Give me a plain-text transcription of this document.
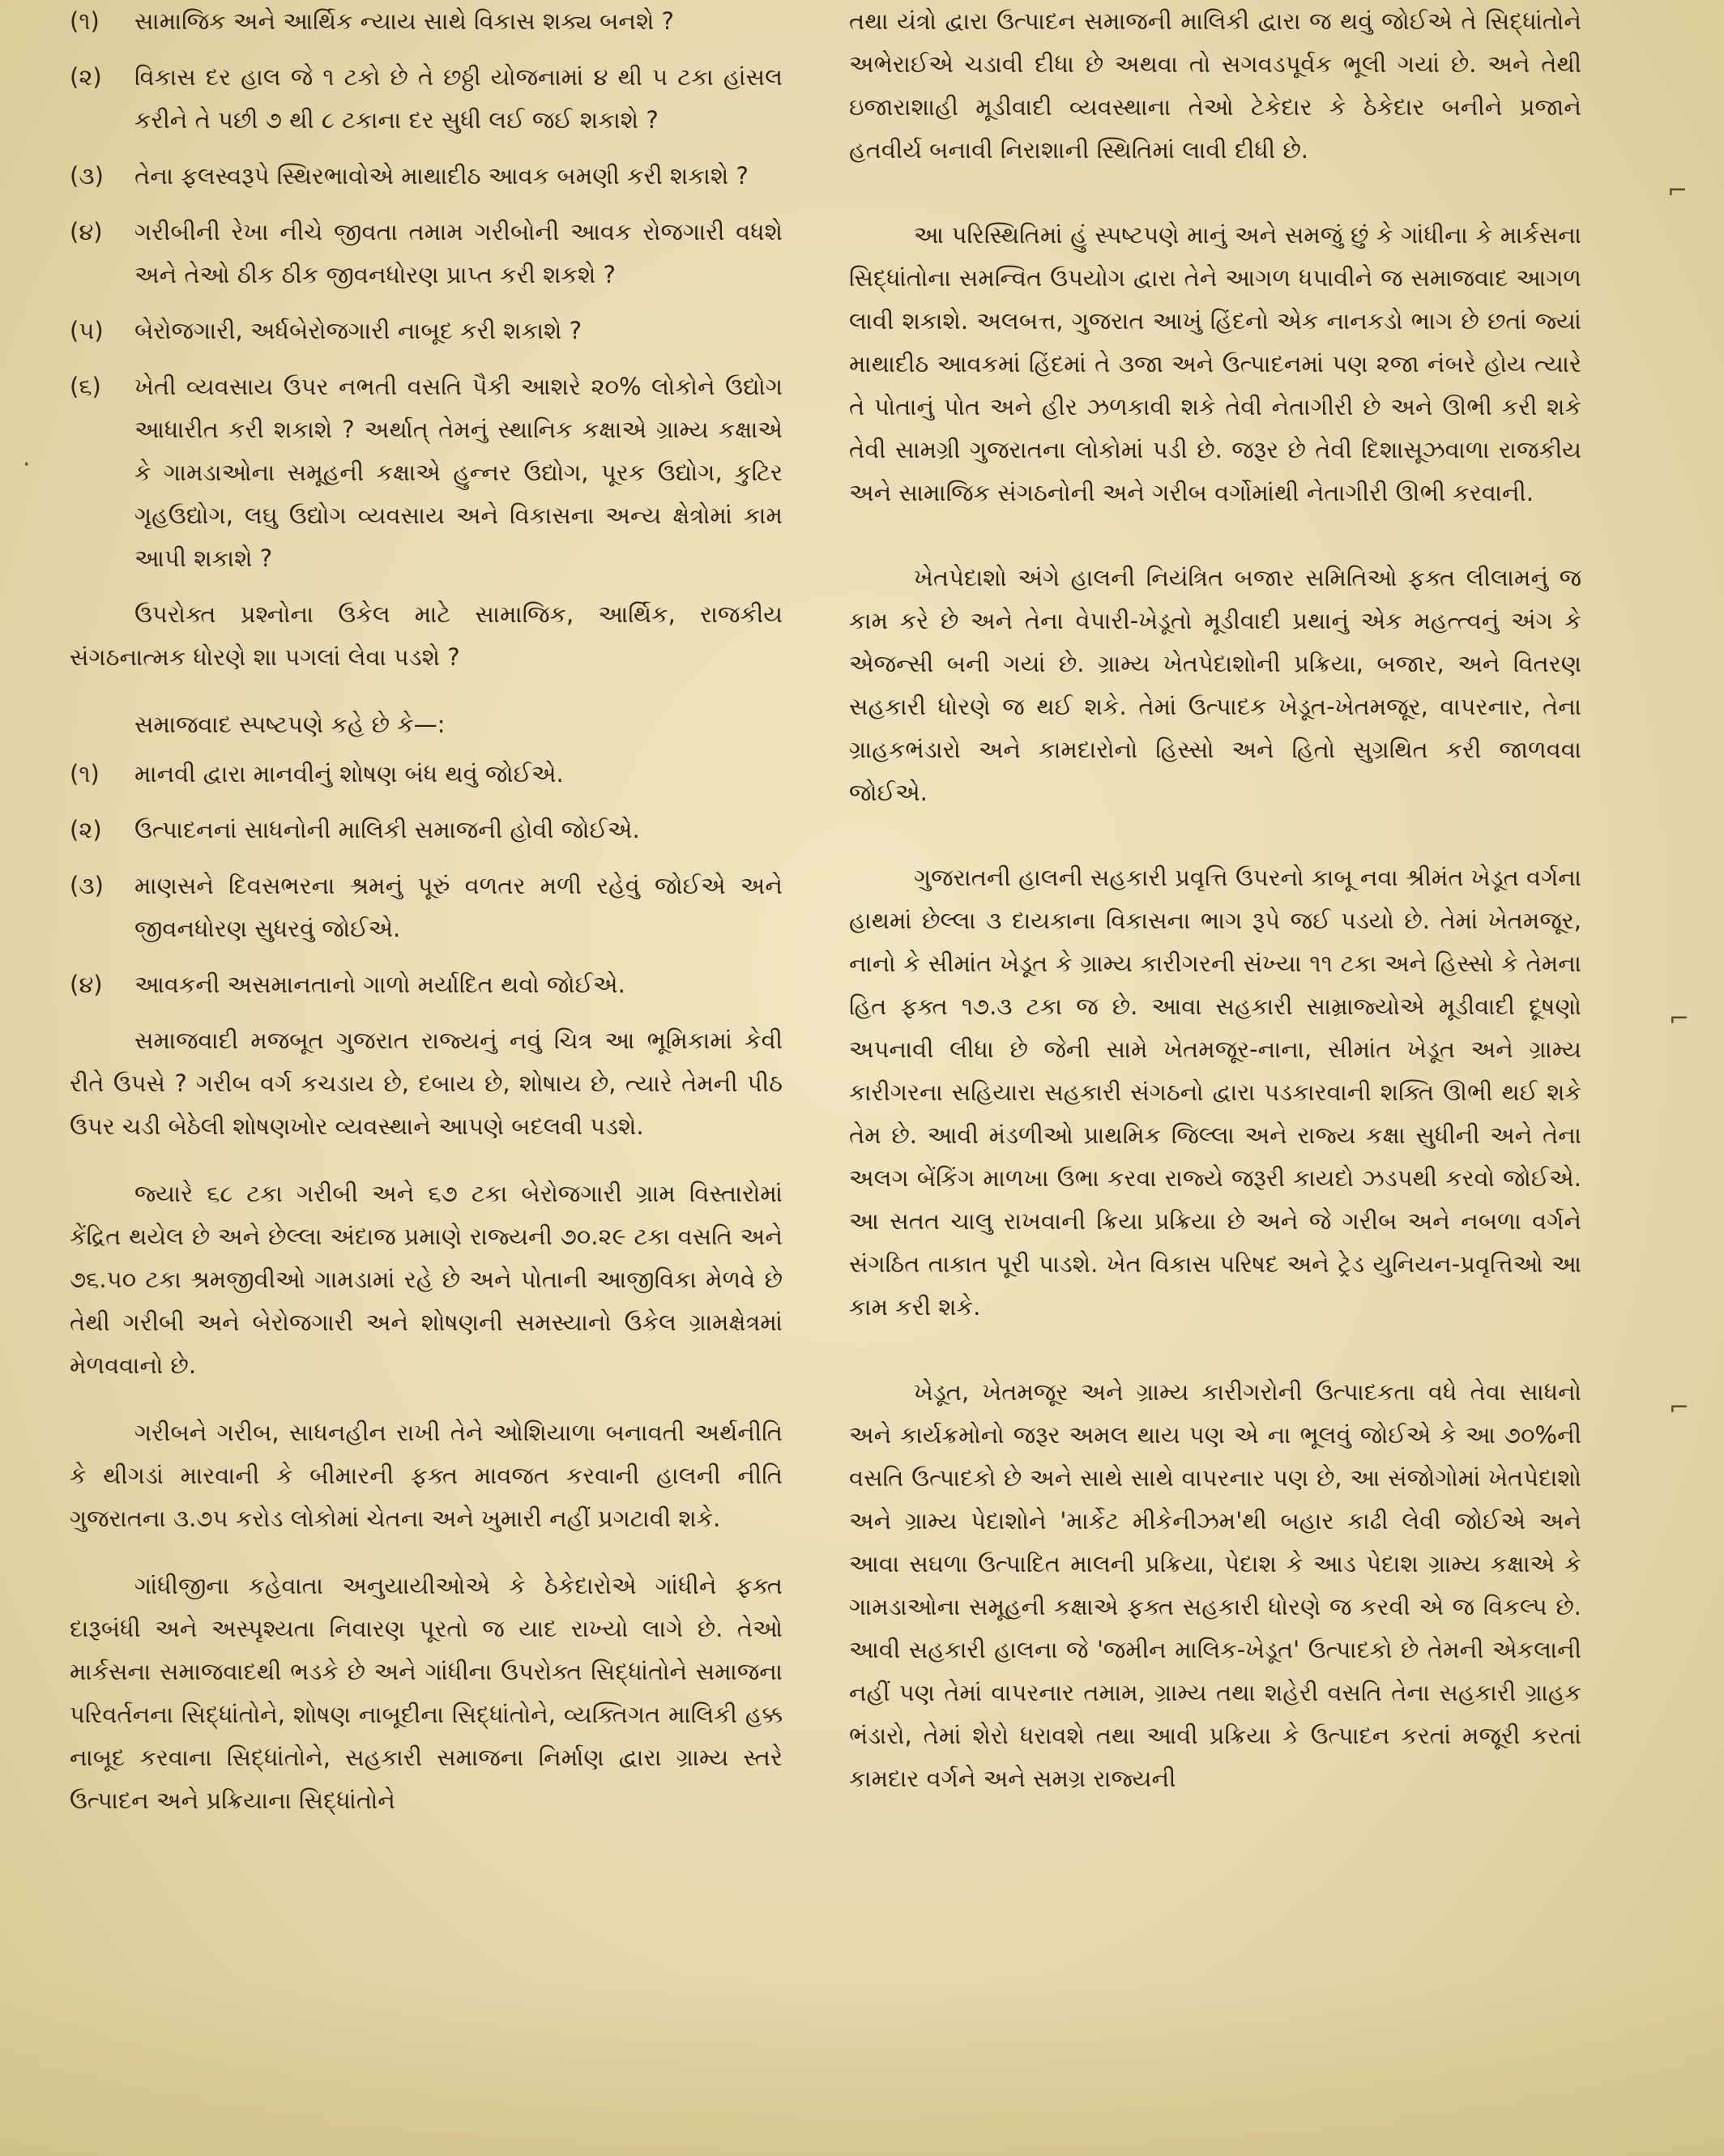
(૧)	સામાજિક અને આર્થિક ન્યાય સાથે વિકાસ શક્ય બનશે ?
(૨)	વિકાસ દર હાલ જે ૧ ટકો છે તે છઠ્ઠી યોજનામાં ૪ થી ૫ ટકા હાંસલ કરીને તે પછી ૭ થી ૮ ટકાના દર સુધી લઈ જઈ શકાશે ?
(૩)	તેના ફલસ્વરૂપે સ્થિરભાવોએ માથાદીઠ આવક બમણી કરી શકાશે ?
(૪)	ગરીબીની રેખા નીચે જીવતા તમામ ગરીબોની આવક રોજગારી વધશે અને તેઓ ઠીક ઠીક જીવનધોરણ પ્રાપ્ત કરી શકશે ?
(૫)	બેરોજગારી, અર્ધબેરોજગારી નાબૂદ કરી શકાશે ?
(૬)	ખેતી વ્યવસાય ઉપર નભતી વસતિ પૈકી આશરે ૨૦% લોકોને ઉદ્યોગ આધારીત કરી શકાશે ? અર્થાત્ તેમનું સ્થાનિક કક્ષાએ ગ્રામ્ય કક્ષાએ કે ગામડાઓના સમૂહની કક્ષાએ હુન્નર ઉદ્યોગ, પૂરક ઉદ્યોગ, કુટિર ગૃહઉદ્યોગ, લઘુ ઉદ્યોગ વ્યવસાય અને વિકાસના અન્ય ક્ષેત્રોમાં કામ આપી શકાશે ?

ઉપરોક્ત પ્રશ્નોના ઉકેલ માટે સામાજિક, આર્થિક, રાજકીય સંગઠનાત્મક ધોરણે શા પગલાં લેવા પડશે ?

સમાજવાદ સ્પષ્ટપણે કહે છે કે—:

(૧)	માનવી દ્વારા માનવીનું શોષણ બંધ થવું જોઈએ.
(૨)	ઉત્પાદનનાં સાધનોની માલિકી સમાજની હોવી જોઈએ.
(૩)	માણસને દિવસભરના શ્રમનું પૂરું વળતર મળી રહેવું જોઈએ અને જીવનધોરણ સુધરવું જોઈએ.
(૪)	આવકની અસમાનતાનો ગાળો મર્યાદિત થવો જોઈએ.

સમાજવાદી મજબૂત ગુજરાત રાજ્યનું નવું ચિત્ર આ ભૂમિકામાં કેવી રીતે ઉપસે ? ગરીબ વર્ગ કચડાય છે, દબાય છે, શોષાય છે, ત્યારે તેમની પીઠ ઉપર ચડી બેઠેલી શોષણખોર વ્યવસ્થાને આપણે બદલવી પડશે.

જ્યારે ૬૮ ટકા ગરીબી અને ૬૭ ટકા બેરોજગારી ગ્રામ વિસ્તારોમાં કેંદ્રિત થયેલ છે અને છેલ્લા અંદાજ પ્રમાણે રાજ્યની ૭૦.૨૯ ટકા વસતિ અને ૭૬.૫૦ ટકા શ્રમજીવીઓ ગામડામાં રહે છે અને પોતાની આજીવિકા મેળવે છે તેથી ગરીબી અને બેરોજગારી અને શોષણની સમસ્યાનો ઉકેલ ગ્રામક્ષેત્રમાં મેળવવાનો છે.

ગરીબને ગરીબ, સાધનહીન રાખી તેને ઓશિયાળા બનાવતી અર્થનીતિ કે થીગડાં મારવાની કે બીમારની ફક્ત માવજત કરવાની હાલની નીતિ ગુજરાતના ૩.૭૫ કરોડ લોકોમાં ચેતના અને ખુમારી નહીં પ્રગટાવી શકે.

ગાંધીજીના કહેવાતા અનુયાયીઓએ કે ઠેકેદારોએ ગાંધીને ફક્ત દારૂબંધી અને અસ્પૃશ્યતા નિવારણ પૂરતો જ યાદ રાખ્યો લાગે છે. તેઓ માર્કસના સમાજવાદથી ભડકે છે અને ગાંધીના ઉપરોક્ત સિદ્ધાંતોને સમાજના પરિવર્તનના સિદ્ધાંતોને, શોષણ નાબૂદીના સિદ્ધાંતોને, વ્યક્તિગત માલિકી હક્ક નાબૂદ કરવાના સિદ્ધાંતોને, સહકારી સમાજના નિર્માણ દ્વારા ગ્રામ્ય સ્તરે ઉત્પાદન અને પ્રક્રિયાના સિદ્ધાંતોને

તથા યંત્રો દ્વારા ઉત્પાદન સમાજની માલિકી દ્વારા જ થવું જોઈએ તે સિદ્ધાંતોને અભેરાઈએ ચડાવી દીધા છે અથવા તો સગવડપૂર્વક ભૂલી ગયાં છે. અને તેથી ઇજારાશાહી મૂડીવાદી વ્યવસ્થાના તેઓ ટેકેદાર કે ઠેકેદાર બનીને પ્રજાને હતવીર્ય બનાવી નિરાશાની સ્થિતિમાં લાવી દીધી છે.

આ પરિસ્થિતિમાં હું સ્પષ્ટપણે માનું અને સમજું છું કે ગાંધીના કે માર્કસના સિદ્ધાંતોના સમન્વિત ઉપયોગ દ્વારા તેને આગળ ધપાવીને જ સમાજવાદ આગળ લાવી શકાશે. અલબત્ત, ગુજરાત આખું હિંદનો એક નાનકડો ભાગ છે છતાં જ્યાં માથાદીઠ આવકમાં હિંદમાં તે ૩જા અને ઉત્પાદનમાં પણ ૨જા નંબરે હોય ત્યારે તે પોતાનું પોત અને હીર ઝળકાવી શકે તેવી નેતાગીરી છે અને ઊભી કરી શકે તેવી સામગ્રી ગુજરાતના લોકોમાં પડી છે. જરૂર છે તેવી દિશાસૂઝવાળા રાજકીય અને સામાજિક સંગઠનોની અને ગરીબ વર્ગોમાંથી નેતાગીરી ઊભી કરવાની.

ખેતપેદાશો અંગે હાલની નિયંત્રિત બજાર સમિતિઓ ફક્ત લીલામનું જ કામ કરે છે અને તેના વેપારી-ખેડૂતો મૂડીવાદી પ્રથાનું એક મહત્ત્વનું અંગ કે એજન્સી બની ગયાં છે. ગ્રામ્ય ખેતપેદાશોની પ્રક્રિયા, બજાર, અને વિતરણ સહકારી ધોરણે જ થઈ શકે. તેમાં ઉત્પાદક ખેડૂત-ખેતમજૂર, વાપરનાર, તેના ગ્રાહકભંડારો અને કામદારોનો હિસ્સો અને હિતો સુગ્રથિત કરી જાળવવા જોઈએ.

ગુજરાતની હાલની સહકારી પ્રવૃત્તિ ઉપરનો કાબૂ નવા શ્રીમંત ખેડૂત વર્ગના હાથમાં છેલ્લા ૩ દાયકાના વિકાસના ભાગ રૂપે જઈ પડયો છે. તેમાં ખેતમજૂર, નાનો કે સીમાંત ખેડૂત કે ગ્રામ્ય કારીગરની સંખ્યા ૧૧ ટકા અને હિસ્સો કે તેમના હિત ફક્ત ૧૭.૩ ટકા જ છે. આવા સહકારી સામ્રાજ્યોએ મૂડીવાદી દૂષણો અપનાવી લીધા છે જેની સામે ખેતમજૂર-નાના, સીમાંત ખેડૂત અને ગ્રામ્ય કારીગરના સહિયારા સહકારી સંગઠનો દ્વારા પડકારવાની શક્તિ ઊભી થઈ શકે તેમ છે. આવી મંડળીઓ પ્રાથમિક જિલ્લા અને રાજ્ય કક્ષા સુધીની અને તેના અલગ બેંકિંગ માળખા ઉભા કરવા રાજ્યે જરૂરી કાયદો ઝડપથી કરવો જોઈએ. આ સતત ચાલુ રાખવાની ક્રિયા પ્રક્રિયા છે અને જે ગરીબ અને નબળા વર્ગને સંગઠિત તાકાત પૂરી પાડશે. ખેત વિકાસ પરિષદ અને ટ્રેડ યુનિયન-પ્રવૃત્તિઓ આ કામ કરી શકે.

ખેડૂત, ખેતમજૂર અને ગ્રામ્ય કારીગરોની ઉત્પાદકતા વધે તેવા સાધનો અને કાર્યક્રમોનો જરૂર અમલ થાય પણ એ ના ભૂલવું જોઈએ કે આ ૭૦%ની વસતિ ઉત્પાદકો છે અને સાથે સાથે વાપરનાર પણ છે, આ સંજોગોમાં ખેતપેદાશો અને ગ્રામ્ય પેદાશોને 'માર્કેટ મીકેનીઝમ'થી બહાર કાઢી લેવી જોઈએ અને આવા સઘળા ઉત્પાદિત માલની પ્રક્રિયા, પેદાશ કે આડ પેદાશ ગ્રામ્ય કક્ષાએ કે ગામડાઓના સમૂહની કક્ષાએ ફક્ત સહકારી ધોરણે જ કરવી એ જ વિકલ્પ છે. આવી સહકારી હાલના જે 'જમીન માલિક-ખેડૂત' ઉત્પાદકો છે તેમની એકલાની નહીં પણ તેમાં વાપરનાર તમામ, ગ્રામ્ય તથા શહેરી વસતિ તેના સહકારી ગ્રાહક ભંડારો, તેમાં શેરો ધરાવશે તથા આવી પ્રક્રિયા કે ઉત્પાદન કરતાં મજૂરી કરતાં કામદાર વર્ગને અને સમગ્ર રાજ્યની

⌐
⌐
⌐
·
